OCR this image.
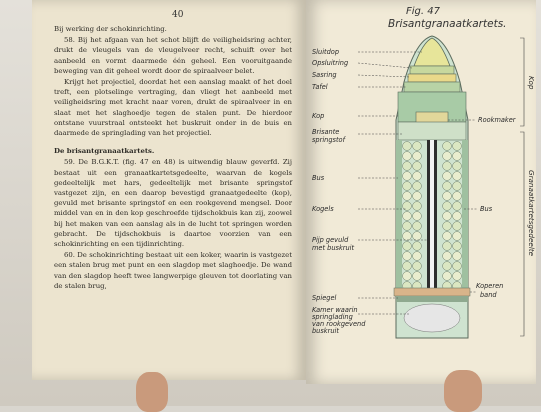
40

Bij werking der schokinrichting.

58. Bij het afgaan van het schot blijft de veiligheidsring achter, drukt de vleugels van de vleugelveer recht, schuift over het aanbeeld en vormt daarmede één geheel. Een vooruitgaande beweging van dit geheel wordt door de spiraalveer belet.

Krijgt het projectiel, doordat het een aanslag maakt of het doel treft, een plotselinge vertraging, dan vliegt het aanbeeld met veiligheidsring met kracht naar voren, drukt de spiraalveer in en slaat met het slaghoedje tegen de stalen punt. De hierdoor ontstane vuurstraal ontsteekt het buskruit onder in de buis en daarmede de springlading van het projectiel.

De brisantgranaatkartets.

59. De B.G.K.T. (fig. 47 en 48) is uitwendig blauw geverfd. Zij bestaat uit een granaatkartetsgedeelte, waarvan de kogels gedeeltelijk met hars, gedeeltelijk met brisante springstof vastgezet zijn, en een daarop bevestigd granaatgedeelte (kop), gevuld met brisante springstof en een rookgevend mengsel. Door middel van en in den kop geschroefde tijdschokbuis kan zij, zoowel bij het maken van een aanslag als in de lucht tot springen worden gebracht. De tijdschokbuis is daartoe voorzien van een schokinrichting en een tijdinrichting.

60. De schokinrichting bestaat uit een koker, waarin is vastgezet een stalen brug met punt en een slagdop met slaghoedje. De wand van den slagdop heeft twee langwerpige gleuven tot doorlating van de stalen brug,

Fig. 47
Brisantgranaatkartets.
Sluitdop
Opsluitring
Sasring
Tafel
Kop
Brisante
springstof
Bus
Kogels
Pijp gevuld
met buskruit
Spiegel
Kamer waarin
springlading
van rookgevend
buskruit
Rookmaker
Bus
Koperen
band
Kop
Granaatkartetsgedeelte
